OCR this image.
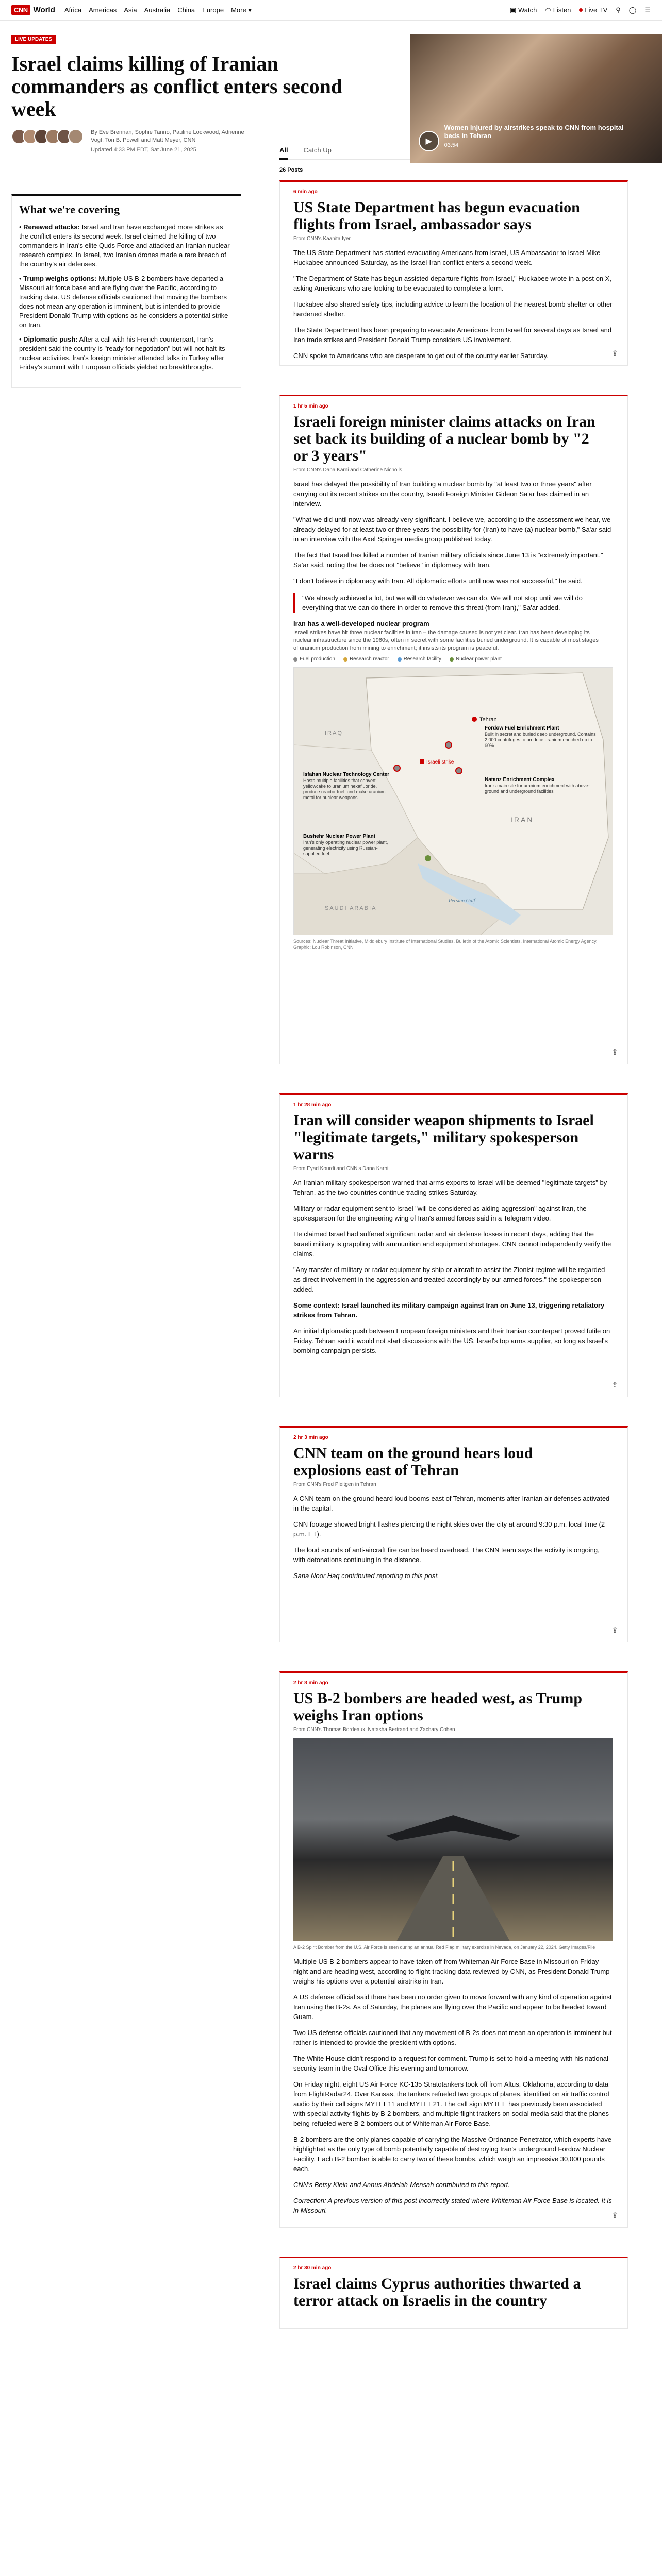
CNN World Africa Americas Asia Australia China Europe More ▾	▣ Watch ◠ Listen Live TV ⚲ ◯ ☰
LIVE UPDATES
Israel claims killing of Iranian commanders as conflict enters second week
By Eve Brennan, Sophie Tanno, Pauline Lockwood, Adrienne Vogt, Tori B. Powell and Matt Meyer, CNN
Updated 4:33 PM EDT, Sat June 21, 2025
▶
Women injured by airstrikes speak to CNN from hospital beds in Tehran
03:54
What we're covering
• Renewed attacks: Israel and Iran have exchanged more strikes as the conflict enters its second week. Israel claimed the killing of two commanders in Iran's elite Quds Force and attacked an Iranian nuclear research complex. In Israel, two Iranian drones made a rare breach of the country's air defenses.
• Trump weighs options: Multiple US B-2 bombers have departed a Missouri air force base and are flying over the Pacific, according to tracking data. US defense officials cautioned that moving the bombers does not mean any operation is imminent, but is intended to provide President Donald Trump with options as he considers a potential strike on Iran.
• Diplomatic push: After a call with his French counterpart, Iran's president said the country is "ready for negotiation" but will not halt its nuclear activities. Iran's foreign minister attended talks in Turkey after Friday's summit with European officials yielded no breakthroughs.
All Catch Up
26 Posts
6 min ago
US State Department has begun evacuation flights from Israel, ambassador says
From CNN's Kaanita Iyer

The US State Department has started evacuating Americans from Israel, US Ambassador to Israel Mike Huckabee announced Saturday, as the Israel-Iran conflict enters a second week.

"The Department of State has begun assisted departure flights from Israel," Huckabee wrote in a post on X, asking Americans who are looking to be evacuated to complete a form.

Huckabee also shared safety tips, including advice to learn the location of the nearest bomb shelter or other hardened shelter.

The State Department has been preparing to evacuate Americans from Israel for several days as Israel and Iran trade strikes and President Donald Trump considers US involvement.

CNN spoke to Americans who are desperate to get out of the country earlier Saturday.	⇪
1 hr 5 min ago
Israeli foreign minister claims attacks on Iran set back its building of a nuclear bomb by "2 or 3 years"
From CNN's Dana Karni and Catherine Nicholls

Israel has delayed the possibility of Iran building a nuclear bomb by "at least two or three years" after carrying out its recent strikes on the country, Israeli Foreign Minister Gideon Sa'ar has claimed in an interview.

"What we did until now was already very significant. I believe we, according to the assessment we hear, we already delayed for at least two or three years the possibility for (Iran) to have (a) nuclear bomb," Sa'ar said in an interview with the Axel Springer media group published today.

The fact that Israel has killed a number of Iranian military officials since June 13 is "extremely important," Sa'ar said, noting that he does not "believe" in diplomacy with Iran.

"I don't believe in diplomacy with Iran. All diplomatic efforts until now was not successful," he said.

"We already achieved a lot, but we will do whatever we can do. We will not stop until we will do everything that we can do there in order to remove this threat (from Iran)," Sa'ar added.
Iran has a well-developed nuclear program
Israeli strikes have hit three nuclear facilities in Iran – the damage caused is not yet clear. Iran has been developing its nuclear infrastructure since the 1960s, often in secret with some facilities buried underground. It is capable of most stages of uranium production from mining to enrichment; it insists its program is peaceful.
Fuel production	Research reactor	Research facility	Nuclear power plant
Tehran
Fordow Fuel Enrichment Plant
Built in secret and buried deep underground. Contains 2,000 centrifuges to produce uranium enriched up to 60%
Isfahan Nuclear Technology Center
Hosts multiple facilities that convert yellowcake to uranium hexafluoride, produce reactor fuel, and make uranium metal for nuclear weapons
Natanz Enrichment Complex
Iran's main site for uranium enrichment with above-ground and underground facilities
Israeli strike
Bushehr Nuclear Power Plant
Iran's only operating nuclear power plant, generating electricity using Russian-supplied fuel
IRAN
IRAQ
SAUDI ARABIA
Persian Gulf
Sources: Nuclear Threat Initiative, Middlebury Institute of International Studies, Bulletin of the Atomic Scientists, International Atomic Energy Agency. Graphic: Lou Robinson, CNN
⇪
1 hr 28 min ago
Iran will consider weapon shipments to Israel "legitimate targets," military spokesperson warns
From Eyad Kourdi and CNN's Dana Karni

An Iranian military spokesperson warned that arms exports to Israel will be deemed "legitimate targets" by Tehran, as the two countries continue trading strikes Saturday.

Military or radar equipment sent to Israel "will be considered as aiding aggression" against Iran, the spokesperson for the engineering wing of Iran's armed forces said in a Telegram video.

He claimed Israel had suffered significant radar and air defense losses in recent days, adding that the Israeli military is grappling with ammunition and equipment shortages. CNN cannot independently verify the claims.

"Any transfer of military or radar equipment by ship or aircraft to assist the Zionist regime will be regarded as direct involvement in the aggression and treated accordingly by our armed forces," the spokesperson added.

Some context: Israel launched its military campaign against Iran on June 13, triggering retaliatory strikes from Tehran.

An initial diplomatic push between European foreign ministers and their Iranian counterpart proved futile on Friday. Tehran said it would not start discussions with the US, Israel's top arms supplier, so long as Israel's bombing campaign persists.

⇪
2 hr 3 min ago
CNN team on the ground hears loud explosions east of Tehran
From CNN's Fred Pleitgen in Tehran

A CNN team on the ground heard loud booms east of Tehran, moments after Iranian air defenses activated in the capital.

CNN footage showed bright flashes piercing the night skies over the city at around 9:30 p.m. local time (2 p.m. ET).

The loud sounds of anti-aircraft fire can be heard overhead. The CNN team says the activity is ongoing, with detonations continuing in the distance.

Sana Noor Haq contributed reporting to this post.

⇪
2 hr 8 min ago
US B-2 bombers are headed west, as Trump weighs Iran options
From CNN's Thomas Bordeaux, Natasha Bertrand and Zachary Cohen
A B-2 Spirit Bomber from the U.S. Air Force is seen during an annual Red Flag military exercise in Nevada, on January 22, 2024. Getty Images/File

Multiple US B-2 bombers appear to have taken off from Whiteman Air Force Base in Missouri on Friday night and are heading west, according to flight-tracking data reviewed by CNN, as President Donald Trump weighs his options over a potential airstrike in Iran.

A US defense official said there has been no order given to move forward with any kind of operation against Iran using the B-2s. As of Saturday, the planes are flying over the Pacific and appear to be headed toward Guam.

Two US defense officials cautioned that any movement of B-2s does not mean an operation is imminent but rather is intended to provide the president with options.

The White House didn't respond to a request for comment. Trump is set to hold a meeting with his national security team in the Oval Office this evening and tomorrow.

On Friday night, eight US Air Force KC-135 Stratotankers took off from Altus, Oklahoma, according to data from FlightRadar24. Over Kansas, the tankers refueled two groups of planes, identified on air traffic control audio by their call signs MYTEE11 and MYTEE21. The call sign MYTEE has previously been associated with special activity flights by B-2 bombers, and multiple flight trackers on social media said that the planes being refueled were B-2 bombers out of Whiteman Air Force Base.

B-2 bombers are the only planes capable of carrying the Massive Ordnance Penetrator, which experts have highlighted as the only type of bomb potentially capable of destroying Iran's underground Fordow Nuclear Facility. Each B-2 bomber is able to carry two of these bombs, which weigh an impressive 30,000 pounds each.

CNN's Betsy Klein and Annus Abdelah-Mensah contributed to this report.

Correction: A previous version of this post incorrectly stated where Whiteman Air Force Base is located. It is in Missouri.

⇪
2 hr 30 min ago
Israel claims Cyprus authorities thwarted a terror attack on Israelis in the country
